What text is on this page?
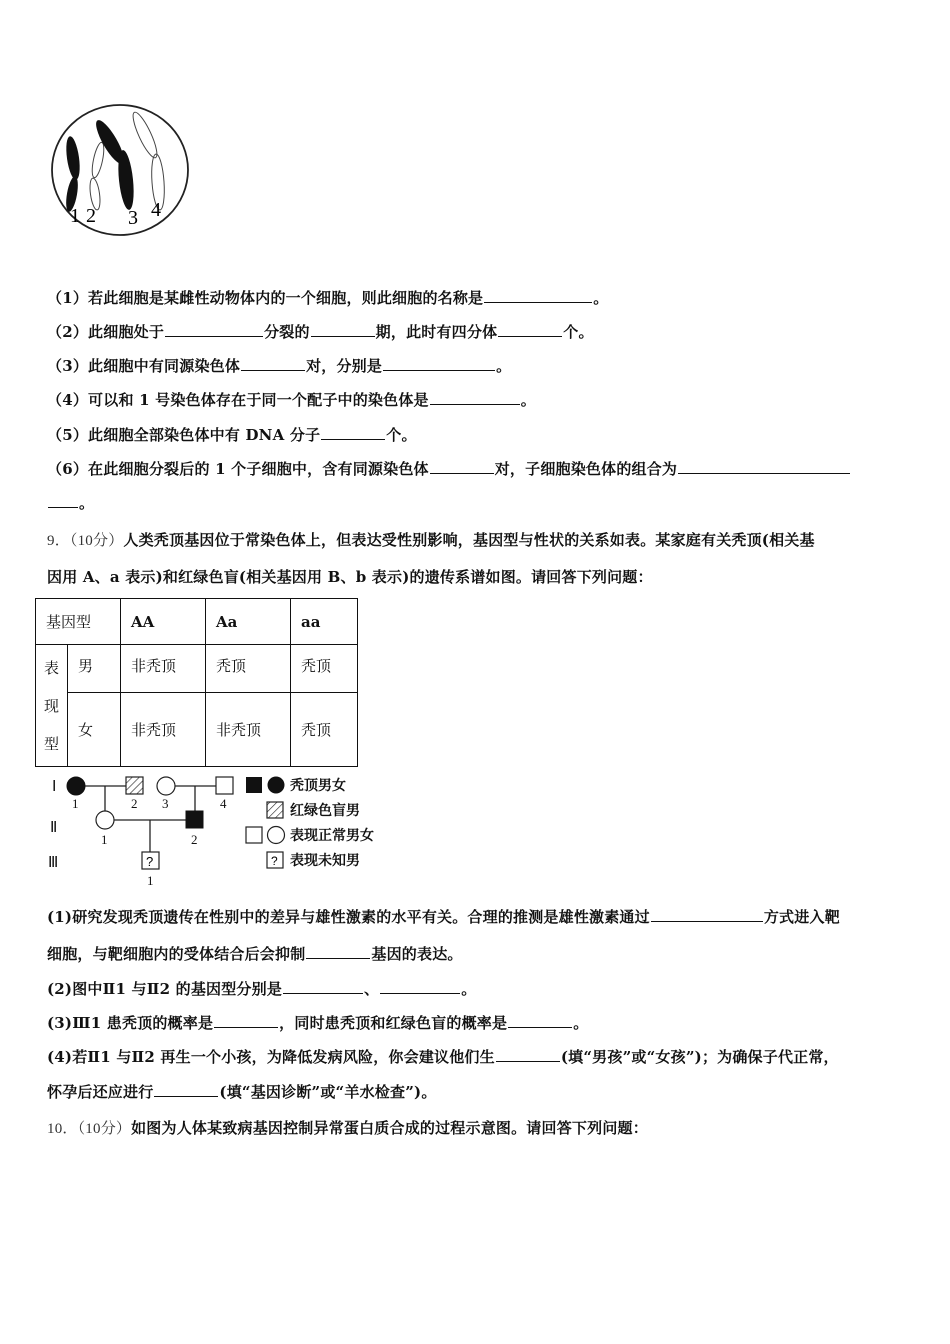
1 2 3 4
（1）若此细胞是某雌性动物体内的一个细胞，则此细胞的名称是	。
（2）此细胞处于	分裂的	期，此时有四分体	个。
（3）此细胞中有同源染色体	对，分别是	。
（4）可以和 1 号染色体存在于同一个配子中的染色体是	。
（5）此细胞全部染色体中有 DNA 分子	个。
（6）在此细胞分裂后的 1 个子细胞中，含有同源染色体	对，子细胞染色体的组合为
。
9．（10分）人类秃顶基因位于常染色体上，但表达受性别影响，基因型与性状的关系如表。某家庭有关秃顶(相关基
因用 A、a 表示)和红绿色盲(相关基因用 B、b 表示)的遗传系谱如图。请回答下列问题：
基因型		AA	Aa	aa

表
现
型	男	非秃顶	秃顶	秃顶
	女	非秃顶	非秃顶	秃顶
Ⅰ
Ⅱ
Ⅲ	?
1	2 3	4
1	2
1
?
秃顶男女
红绿色盲男
表现正常男女
表现未知男
(1)研究发现秃顶遗传在性别中的差异与雄性激素的水平有关。合理的推测是雄性激素通过	方式进入靶
细胞，与靶细胞内的受体结合后会抑制	基因的表达。
(2)图中Ⅱ1 与Ⅱ2 的基因型分别是	、	。
(3)Ⅲ1 患秃顶的概率是	，同时患秃顶和红绿色盲的概率是	。
(4)若Ⅱ1 与Ⅱ2 再生一个小孩，为降低发病风险，你会建议他们生	(填“男孩”或“女孩”)；为确保子代正常，
怀孕后还应进行	(填“基因诊断”或“羊水检查”)。
10．（10分）如图为人体某致病基因控制异常蛋白质合成的过程示意图。请回答下列问题：
